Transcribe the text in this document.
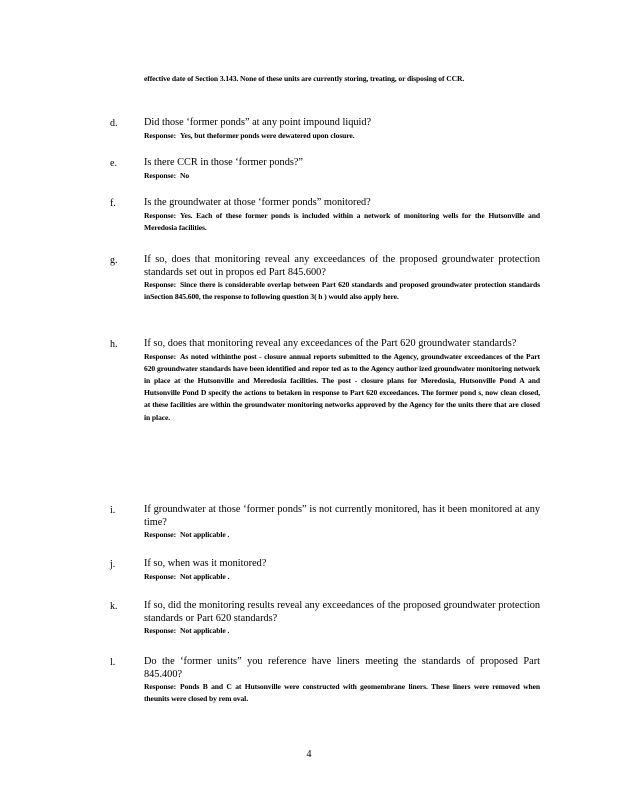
effective date of Section 3.143. None of these units are currently storing, treating, or disposing of CCR.
d.	Did those ‘former ponds” at any point impound liquid?
Response: Yes, but theformer ponds were dewatered upon closure.
e.	Is there CCR in those ‘former ponds?”
Response: No
f.	Is the groundwater at those ‘former ponds” monitored?
Response: Yes. Each of these former ponds is included within a network of monitoring wells for the Hutsonville and Meredosia facilities.
g.	If so, does that monitoring reveal any exceedances of the proposed groundwater protection standards set out in propos ed Part 845.600?
Response: Since there is considerable overlap between Part 620 standards and proposed groundwater protection standards inSection 845.600, the response to following question 3( h ) would also apply here.
h.	If so, does that monitoring reveal any exceedances of the Part 620 groundwater standards?
Response: As noted withinthe post - closure annual reports submitted to the Agency, groundwater exceedances of the Part 620 groundwater standards have been identified and repor ted as to the Agency author ized groundwater monitoring network in place at the Hutsonville and Meredosia facilities. The post - closure plans for Meredosia, Hutsonville Pond A and Hutsonville Pond D specify the actions to betaken in response to Part 620 exceedances. The former pond s, now clean closed, at these facilities are within the groundwater monitoring networks approved by the Agency for the units there that are closed in place.
i.	If groundwater at those ‘former ponds” is not currently monitored, has it been monitored at any time?
Response: Not applicable .
j.	If so, when was it monitored?
Response: Not applicable .
k.	If so, did the monitoring results reveal any exceedances of the proposed groundwater protection standards or Part 620 standards?
Response: Not applicable .
l.	Do the ‘former units” you reference have liners meeting the standards of proposed Part 845.400?
Response: Ponds B and C at Hutsonville were constructed with geomembrane liners. These liners were removed when theunits were closed by rem oval.
4
